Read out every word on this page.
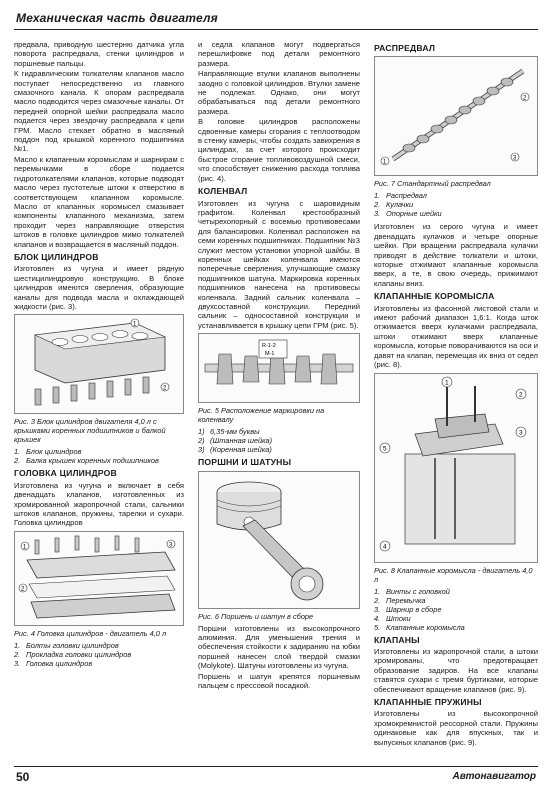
Механическая часть двигателя

предвала, приводную шестерню датчика угла поворота распредвала, стенки цилиндров и поршневые пальцы.

К гидравлическим толкателям клапанов масло поступает непосредственно из главного смазочного канала. К опорам распредвала масло подводится через смазочные каналы. От передней опорной шейки распредвала масло подается через звездочку распредвала к цепи ГРМ. Масло стекает обратно в масляный поддон под крышкой коренного подшипника №1.

Масло к клапанным коромыслам и шарнирам с перемычками в сборе подается гидротолкателями клапанов, которые подводят масло через пустотелые штоки к отверстию в соответствующем клапанном коромысле. Масло от клапанных коромысел смазывает компоненты клапанного механизма, затем проходит через направляющие отверстия штоков в головке цилиндров мимо толкателей клапанов и возвращается в масляный поддон.

БЛОК ЦИЛИНДРОВ

Изготовлен из чугуна и имеет рядную шестицилиндровую конструкцию. В блоке цилиндров имеются сверления, образующие каналы для подвода масла и охлаждающей жидкости (рис. 3).

1
2
Рис. 3 Блок цилиндров двигателя 4,0 л с крышками коренных подшипников и балкой крышек
1. Блок цилиндров
2. Балка крышек коренных подшипников
ГОЛОВКА ЦИЛИНДРОВ

Изготовлена из чугуна и включает в себя двенадцать клапанов, изготовленных из хромированной жаропрочной стали, сальники штоков клапанов, пружины, тарелки и сухари. Головка цилиндров

1
2
3
Рис. 4 Головка цилиндров - двигатель 4,0 л
1. Болты головки цилиндров
2. Прокладка головки цилиндров
3. Головка цилиндров

и седла клапанов могут подвергаться перешлифовке под детали ремонтного размера.

Направляющие втулки клапанов выполнены заодно с головкой цилиндров. Втулки замене не подлежат. Однако, они могут обрабатываться под детали ремонтного размера.

В головке цилиндров расположены сдвоенные камеры сгорания с теплоотводом в стенку камеры, чтобы создать завихрения в цилиндрах, за счет которого происходит быстрое сгорание топливовоздушной смеси, что способствует снижению расхода топлива (рис. 4).

КОЛЕНВАЛ

Изготовлен из чугуна с шаровидным графитом. Коленвал крестообразный четырехопорный с восемью противовесами для балансировки. Коленвал расположен на семи коренных подшипниках. Подшипник №3 служит местом установки упорной шайбы. В коренных шейках коленвала имеются поперечные сверления, улучшающие смазку подшипников шатуна. Маркировка коренных подшипников нанесена на противовесы коленвала. Задний сальник коленвала – двухсоставной конструкции. Передний сальник – односоставной конструкции и устанавливается в крышку цепи ГРМ (рис. 5).

R-1-2
M-1
Рис. 5 Расположение маркировки на коленвалу
1) 6,35-мм буквы
2) (Штанная шейка)
3) (Коренная шейка)
ПОРШНИ И ШАТУНЫ
Рис. 6 Поршень и шатун в сборе

Поршни изготовлены из высокопрочного алюминия. Для уменьшения трения и обеспечения стойкости к задиранию на юбки поршней нанесен слой твердой смазки (Molykote). Шатуны изготовлены из чугуна.

Поршень и шатун крепятся поршневым пальцем с прессовой посадкой.

РАСПРЕДВАЛ
1
2
3
Рис. 7 Стандартный распредвал
1. Распредвал
2. Кулачки
3. Опорные шейки

Изготовлен из серого чугуна и имеет двенадцать кулачков и четыре опорные шейки. При вращении распредвала кулачки приводят в действие толкатели и штоки, которые отжимают клапанные коромысла вверх, а те, в свою очередь, прижимают клапаны вниз.

КЛАПАННЫЕ КОРОМЫСЛА

Изготовлены из фасонной листовой стали и имеют рабочий диапазон 1,6:1. Когда шток отжимается вверх кулачками распредвала, штоки отжимают вверх клапанные коромысла, которые поворачиваются на оси и давят на клапан, перемещая их вниз от седел (рис. 8).

1
2
3
4
5
Рис. 8 Клапанные коромысла - двигатель 4,0 л
1. Винты с головкой
2. Перемычка
3. Шарнир в сборе
4. Штоки
5. Клапанные коромысла
КЛАПАНЫ

Изготовлены из жаропрочной стали, а штоки хромированы, что предотвращает образование задиров. На все клапаны ставятся сухари с тремя буртиками, которые обеспечивают вращение клапанов (рис. 9).

КЛАПАННЫЕ ПРУЖИНЫ

Изготовлены из высокопрочной хромокремнистой рессорной стали. Пружины одинаковые как для впускных, так и выпускных клапанов (рис. 9).

50	Автонавигатор
